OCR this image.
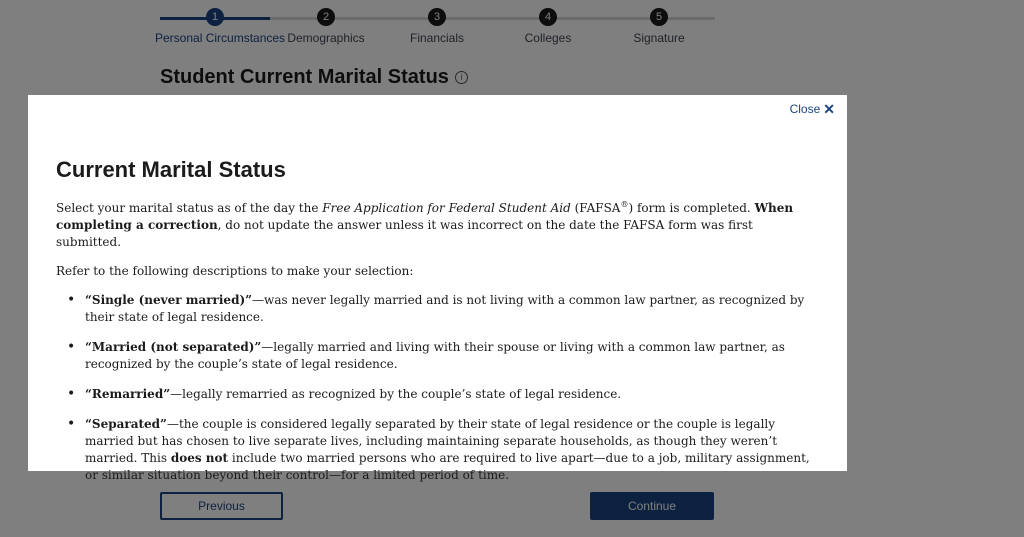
Close ✕
Current Marital Status

Select your marital status as of the day the Free Application for Federal Student Aid (FAFSA®) form is completed. When completing a correction, do not update the answer unless it was incorrect on the date the FAFSA form was first submitted.

Refer to the following descriptions to make your selection:

• “Single (never married)”—was never legally married and is not living with a common law partner, as recognized by their state of legal residence.
• “Married (not separated)”—legally married and living with their spouse or living with a common law partner, as recognized by the couple’s state of legal residence.
• “Remarried”—legally remarried as recognized by the couple’s state of legal residence.
• “Separated”—the couple is considered legally separated by their state of legal residence or the couple is legally married but has chosen to live separate lives, including maintaining separate households, as though they weren’t married. This does not include two married persons who are required to live apart—due to a job, military assignment, or similar situation beyond their control—for a limited period of time.
